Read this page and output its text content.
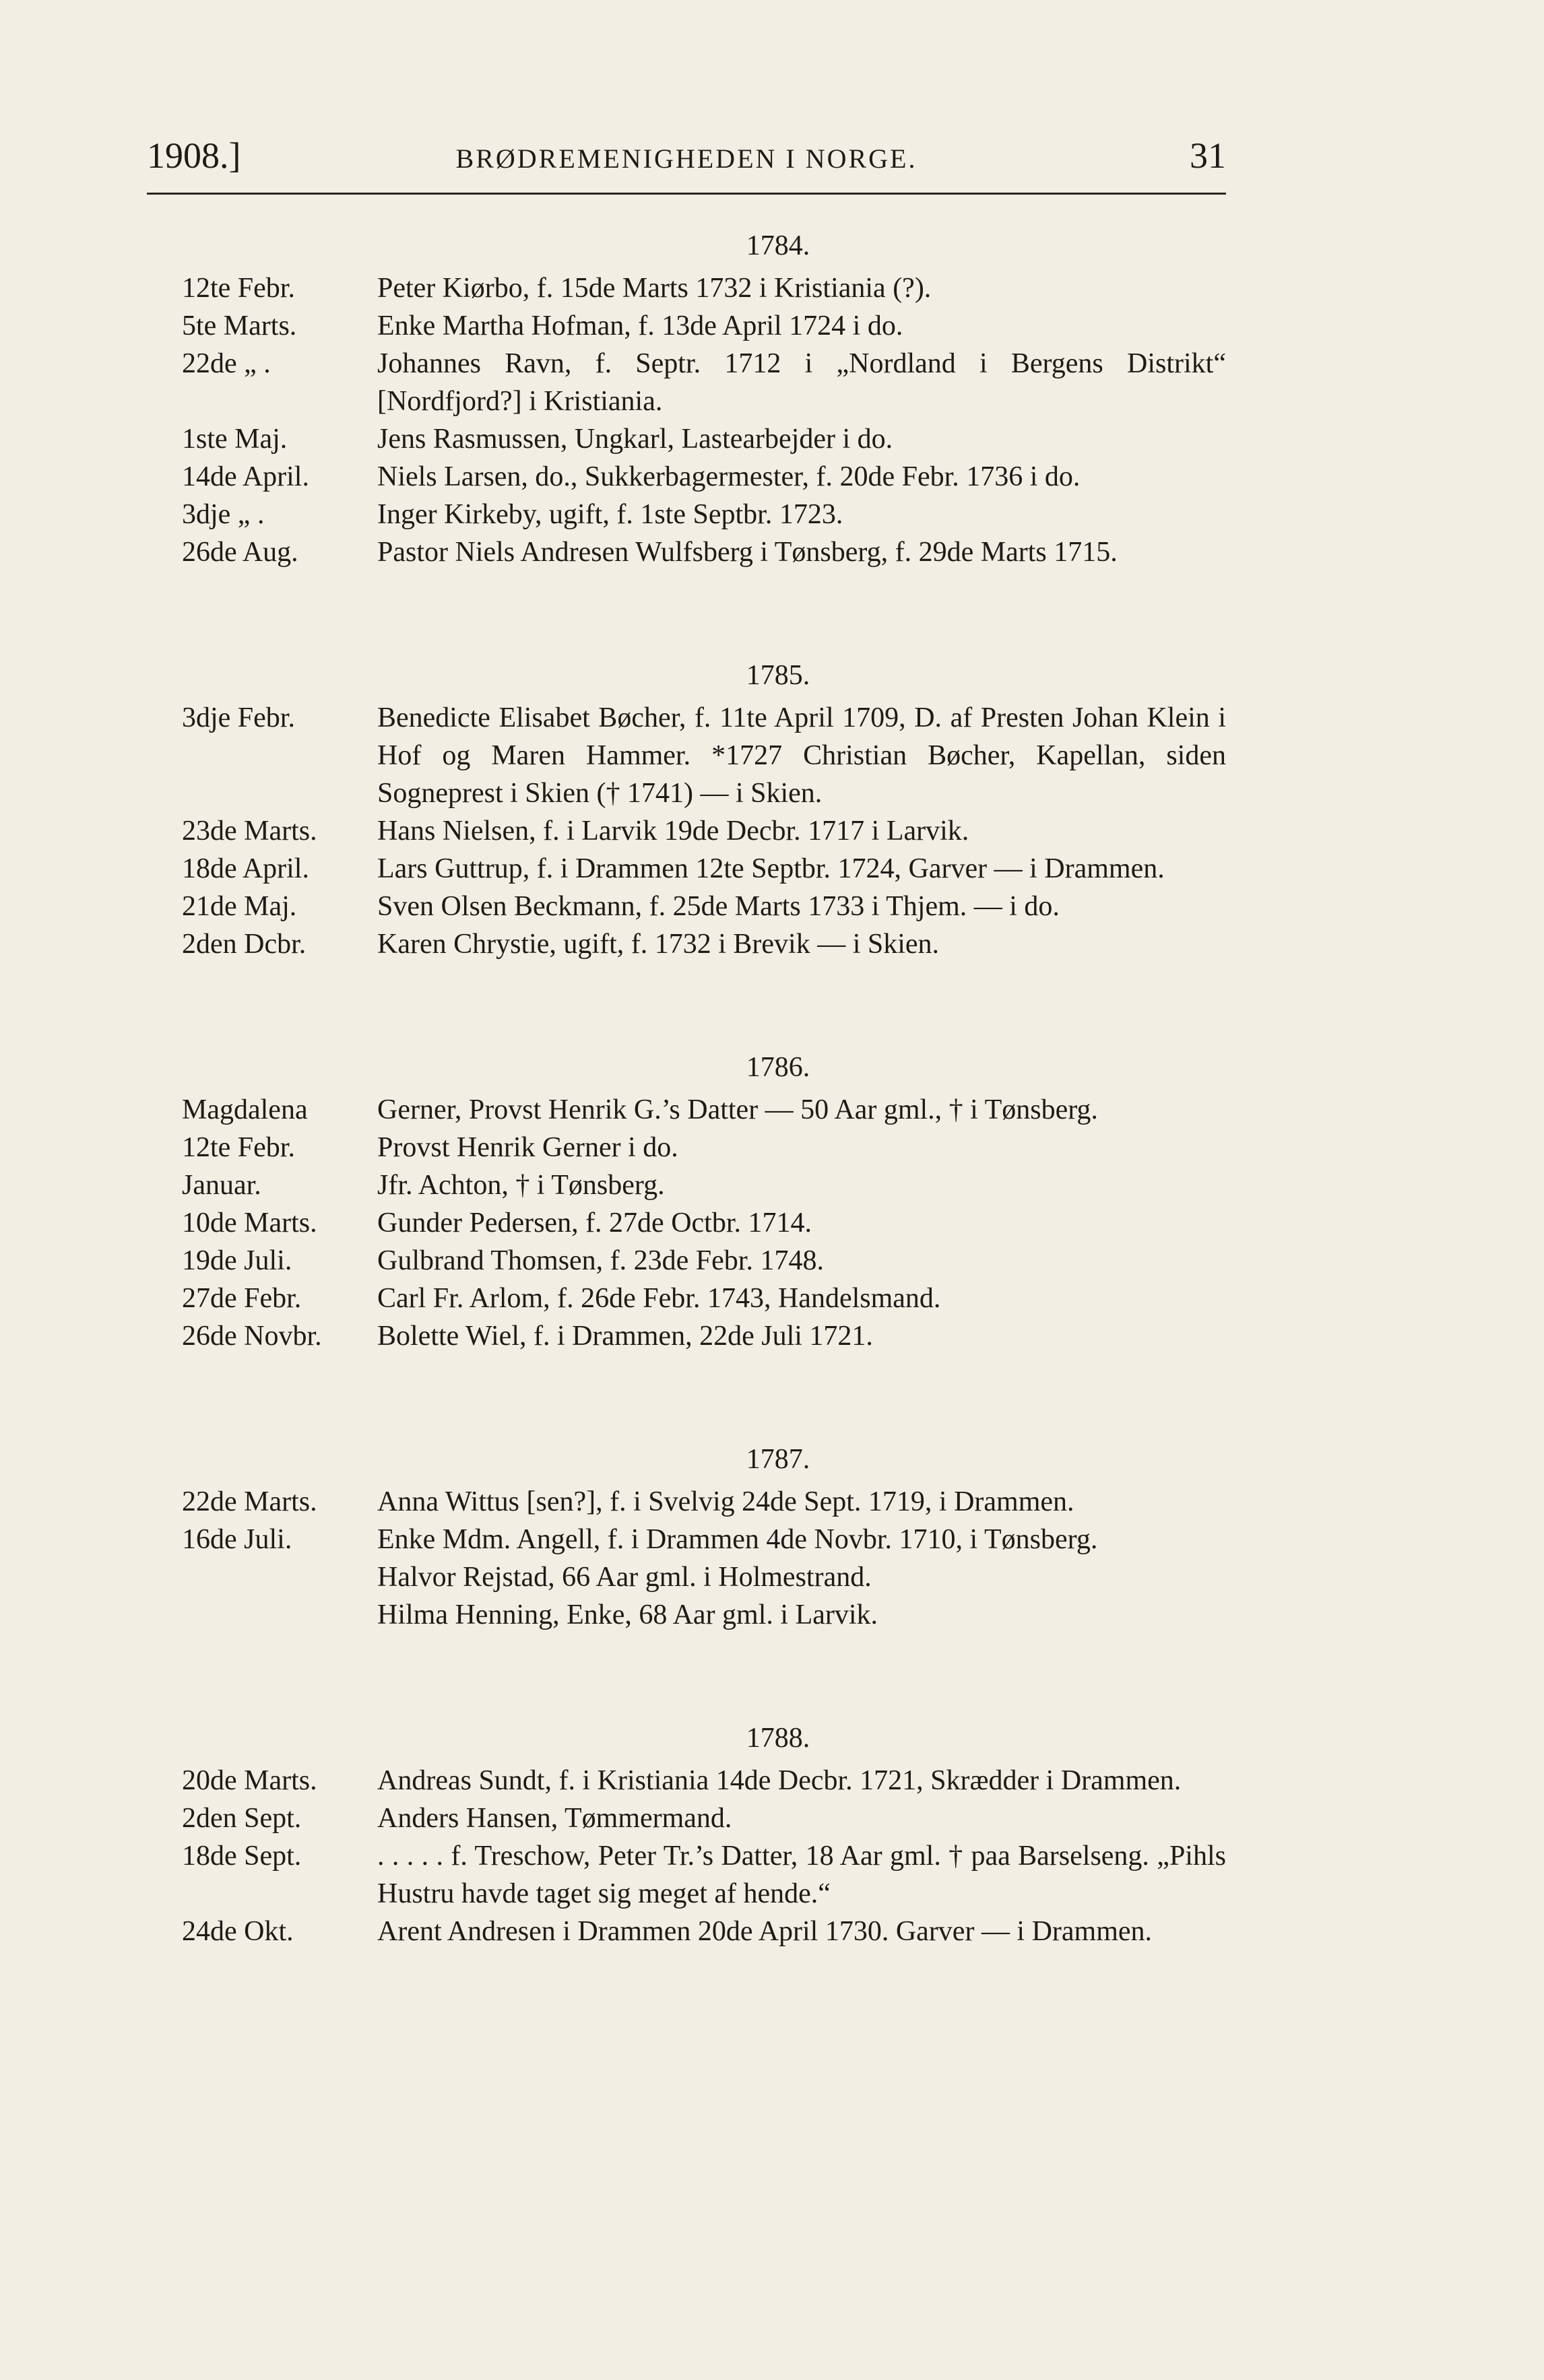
1908.]	BRØDREMENIGHEDEN I NORGE.	31
1784.
12te Febr.	Peter Kiørbo, f. 15de Marts 1732 i Kristiania (?).
5te Marts.	Enke Martha Hofman, f. 13de April 1724 i do.
22de „ .	Johannes Ravn, f. Septr. 1712 i „Nordland i Bergens Distrikt“ [Nordfjord?] i Kristiania.
1ste Maj.	Jens Rasmussen, Ungkarl, Lastearbejder i do.
14de April.	Niels Larsen, do., Sukkerbagermester, f. 20de Febr. 1736 i do.
3dje „ .	Inger Kirkeby, ugift, f. 1ste Septbr. 1723.
26de Aug.	Pastor Niels Andresen Wulfsberg i Tønsberg, f. 29de Marts 1715.
1785.
3dje Febr.	Benedicte Elisabet Bøcher, f. 11te April 1709, D. af Presten Johan Klein i Hof og Maren Hammer. *1727 Christian Bøcher, Kapellan, siden Sogneprest i Skien († 1741) — i Skien.
23de Marts.	Hans Nielsen, f. i Larvik 19de Decbr. 1717 i Larvik.
18de April.	Lars Guttrup, f. i Drammen 12te Septbr. 1724, Garver — i Drammen.
21de Maj.	Sven Olsen Beckmann, f. 25de Marts 1733 i Thjem. — i do.
2den Dcbr.	Karen Chrystie, ugift, f. 1732 i Brevik — i Skien.
1786.
Magdalena	Gerner, Provst Henrik G.’s Datter — 50 Aar gml., † i Tønsberg.
12te Febr.	Provst Henrik Gerner i do.
Januar.	Jfr. Achton, † i Tønsberg.
10de Marts.	Gunder Pedersen, f. 27de Octbr. 1714.
19de Juli.	Gulbrand Thomsen, f. 23de Febr. 1748.
27de Febr.	Carl Fr. Arlom, f. 26de Febr. 1743, Handelsmand.
26de Novbr.	Bolette Wiel, f. i Drammen, 22de Juli 1721.
1787.
22de Marts.	Anna Wittus [sen?], f. i Svelvig 24de Sept. 1719, i Drammen.
16de Juli.	Enke Mdm. Angell, f. i Drammen 4de Novbr. 1710, i Tønsberg.
Halvor Rejstad, 66 Aar gml. i Holmestrand.
Hilma Henning, Enke, 68 Aar gml. i Larvik.
1788.
20de Marts.	Andreas Sundt, f. i Kristiania 14de Decbr. 1721, Skrædder i Drammen.
2den Sept.	Anders Hansen, Tømmermand.
18de Sept.	. . . . . f. Treschow, Peter Tr.’s Datter, 18 Aar gml. † paa Barselseng. „Pihls Hustru havde taget sig meget af hende.“
24de Okt.	Arent Andresen i Drammen 20de April 1730. Garver — i Drammen.
